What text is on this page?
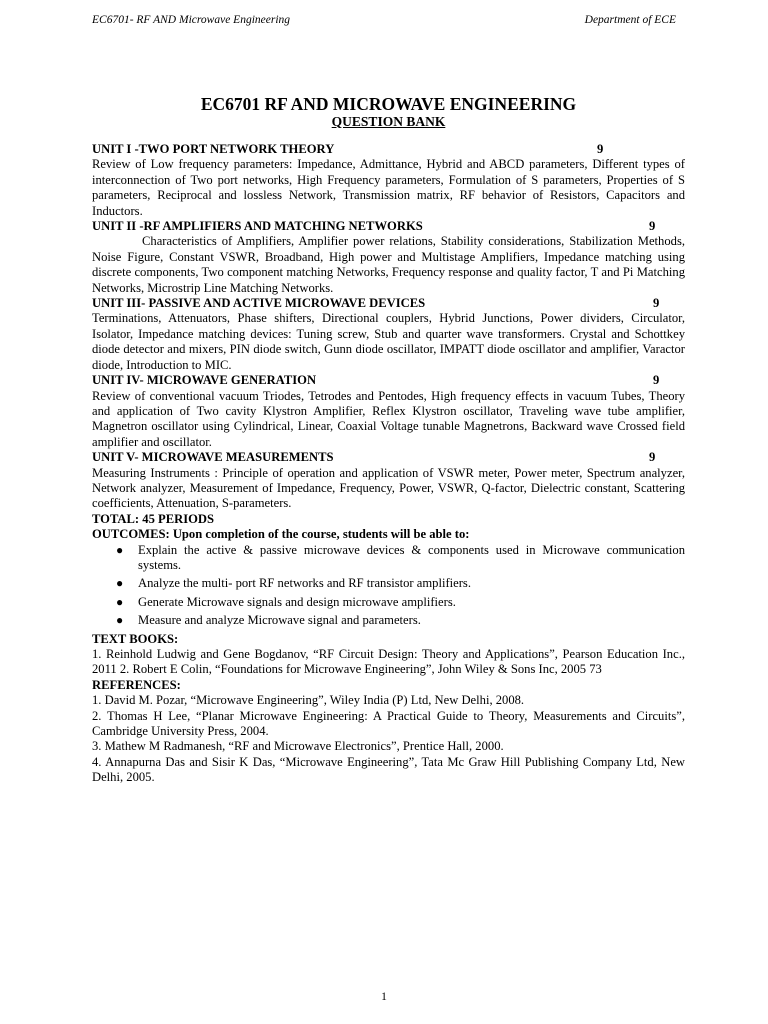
EC6701- RF AND Microwave Engineering	Department of ECE
EC6701 RF AND MICROWAVE ENGINEERING
QUESTION BANK

UNIT I -TWO PORT NETWORK THEORY	9

Review of Low frequency parameters: Impedance, Admittance, Hybrid and ABCD parameters, Different types of interconnection of Two port networks, High Frequency parameters, Formulation of S parameters, Properties of S parameters, Reciprocal and lossless Network, Transmission matrix, RF behavior of Resistors, Capacitors and Inductors.

UNIT II -RF AMPLIFIERS AND MATCHING NETWORKS	9

Characteristics of Amplifiers, Amplifier power relations, Stability considerations, Stabilization Methods, Noise Figure, Constant VSWR, Broadband, High power and Multistage Amplifiers, Impedance matching using discrete components, Two component matching Networks, Frequency response and quality factor, T and Pi Matching Networks, Microstrip Line Matching Networks.

UNIT III- PASSIVE AND ACTIVE MICROWAVE DEVICES	9

Terminations, Attenuators, Phase shifters, Directional couplers, Hybrid Junctions, Power dividers, Circulator, Isolator, Impedance matching devices: Tuning screw, Stub and quarter wave transformers. Crystal and Schottkey diode detector and mixers, PIN diode switch, Gunn diode oscillator, IMPATT diode oscillator and amplifier, Varactor diode, Introduction to MIC.

UNIT IV- MICROWAVE GENERATION	9

Review of conventional vacuum Triodes, Tetrodes and Pentodes, High frequency effects in vacuum Tubes, Theory and application of Two cavity Klystron Amplifier, Reflex Klystron oscillator, Traveling wave tube amplifier, Magnetron oscillator using Cylindrical, Linear, Coaxial Voltage tunable Magnetrons, Backward wave Crossed field amplifier and oscillator.

UNIT V- MICROWAVE MEASUREMENTS	9

Measuring Instruments : Principle of operation and application of VSWR meter, Power meter, Spectrum analyzer, Network analyzer, Measurement of Impedance, Frequency, Power, VSWR, Q-factor, Dielectric constant, Scattering coefficients, Attenuation, S-parameters.

TOTAL: 45 PERIODS

OUTCOMES: Upon completion of the course, students will be able to:

● Explain the active & passive microwave devices & components used in Microwave communication systems.
● Analyze the multi- port RF networks and RF transistor amplifiers.
● Generate Microwave signals and design microwave amplifiers.
● Measure and analyze Microwave signal and parameters.

TEXT BOOKS:

1. Reinhold Ludwig and Gene Bogdanov, “RF Circuit Design: Theory and Applications”, Pearson Education Inc., 2011 2. Robert E Colin, “Foundations for Microwave Engineering”, John Wiley & Sons Inc, 2005 73

REFERENCES:

1. David M. Pozar, “Microwave Engineering”, Wiley India (P) Ltd, New Delhi, 2008.

2. Thomas H Lee, “Planar Microwave Engineering: A Practical Guide to Theory, Measurements and Circuits”, Cambridge University Press, 2004.

3. Mathew M Radmanesh, “RF and Microwave Electronics”, Prentice Hall, 2000.

4. Annapurna Das and Sisir K Das, “Microwave Engineering”, Tata Mc Graw Hill Publishing Company Ltd, New Delhi, 2005.

1
